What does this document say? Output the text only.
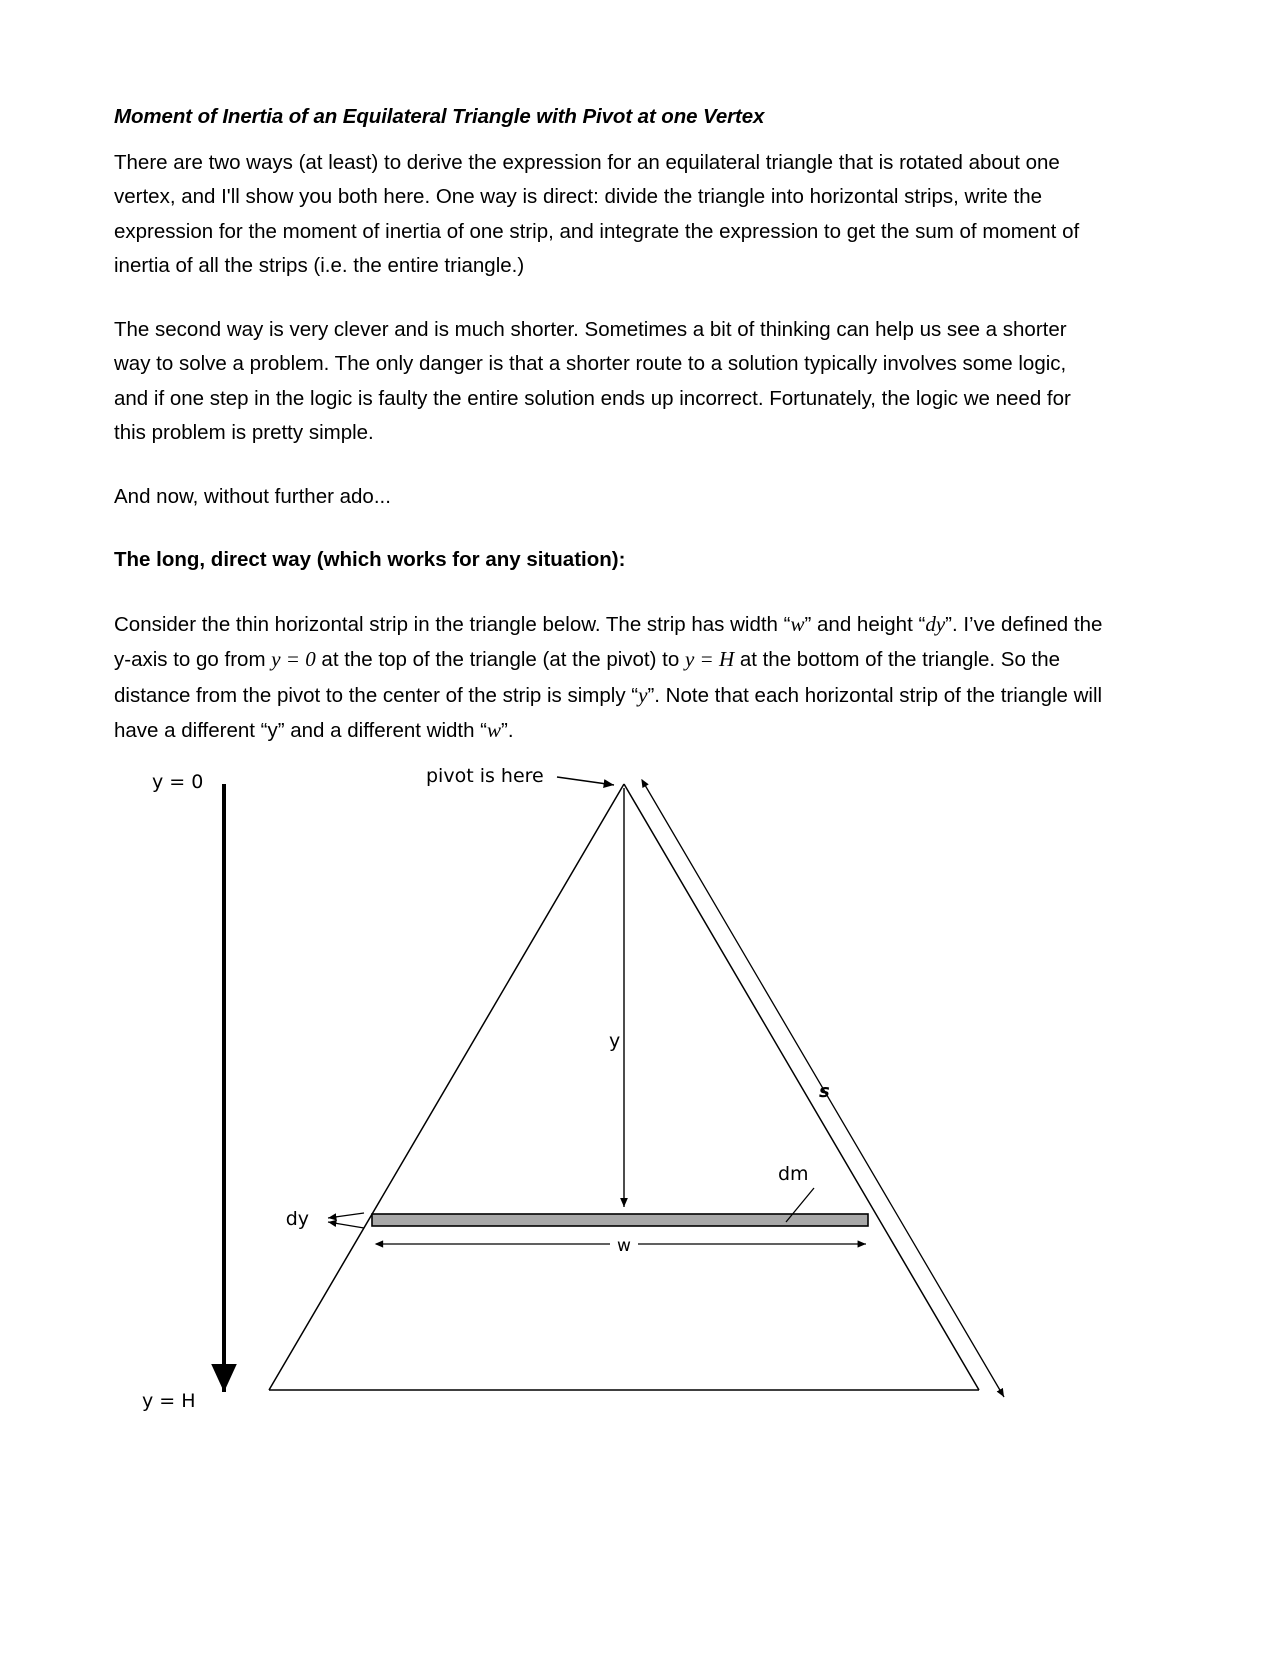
Moment of Inertia of an Equilateral Triangle with Pivot at one Vertex

There are two ways (at least) to derive the expression for an equilateral triangle that is rotated about one vertex, and I'll show you both here. One way is direct: divide the triangle into horizontal strips, write the expression for the moment of inertia of one strip, and integrate the expression to get the sum of moment of inertia of all the strips (i.e. the entire triangle.)

The second way is very clever and is much shorter. Sometimes a bit of thinking can help us see a shorter way to solve a problem. The only danger is that a shorter route to a solution typically involves some logic, and if one step in the logic is faulty the entire solution ends up incorrect. Fortunately, the logic we need for this problem is pretty simple.

And now, without further ado...

The long, direct way (which works for any situation):

Consider the thin horizontal strip in the triangle below. The strip has width “w” and height “dy”. I’ve defined the y-axis to go from y = 0 at the top of the triangle (at the pivot) to y = H at the bottom of the triangle. So the distance from the pivot to the center of the strip is simply “y”. Note that each horizontal strip of the triangle will have a different “y” and a different width “w”.

y = 0
y = H
pivot is here
s
y
dy
w
dm
